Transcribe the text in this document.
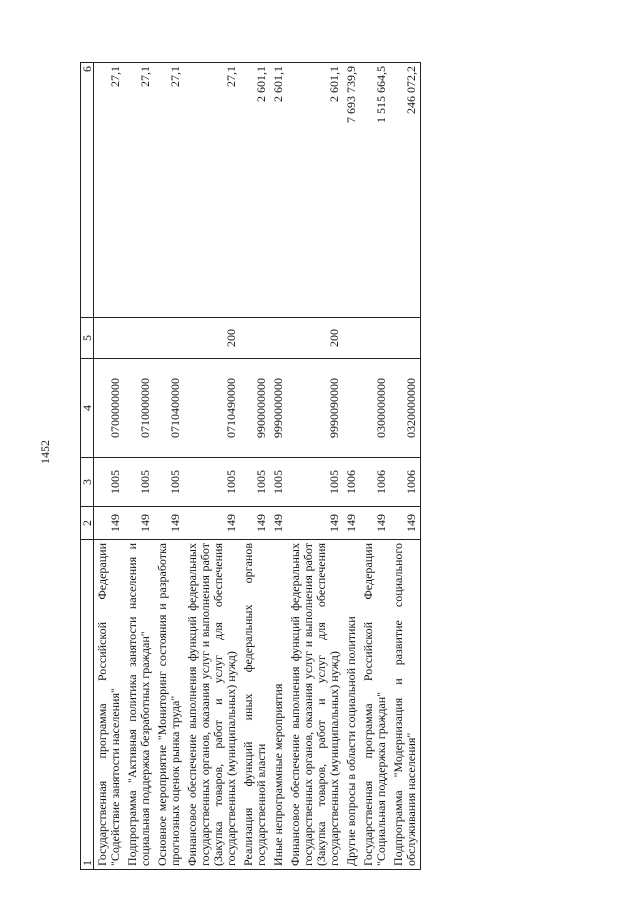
1452
1	2	3	4	5	6
Государственная программа Российской Федерации "Содействие занятости населения"	149	1005	0700000000		27,1
Подпрограмма "Активная политика занятости населения и социальная поддержка безработных граждан"	149	1005	0710000000		27,1
Основное мероприятие "Мониторинг состояния и разработка прогнозных оценок рынка труда"	149	1005	0710400000		27,1
Финансовое обеспечение выполнения функций федеральных государственных органов, оказания услуг и выполнения работ (Закупка товаров, работ и услуг для обеспечения государственных (муниципальных) нужд)	149	1005	0710490000	200	27,1
Реализация функций иных федеральных органов государственной власти	149	1005	9900000000		2 601,1
Иные непрограммные мероприятия	149	1005	9990000000		2 601,1
Финансовое обеспечение выполнения функций федеральных государственных органов, оказания услуг и выполнения работ (Закупка товаров, работ и услуг для обеспечения государственных (муниципальных) нужд)	149	1005	9990090000	200	2 601,1
Другие вопросы в области социальной политики	149	1006			7 693 739,9
Государственная программа Российской Федерации "Социальная поддержка граждан"	149	1006	0300000000		1 515 664,5
Подпрограмма "Модернизация и развитие социального обслуживания населения"	149	1006	0320000000		246 072,2
